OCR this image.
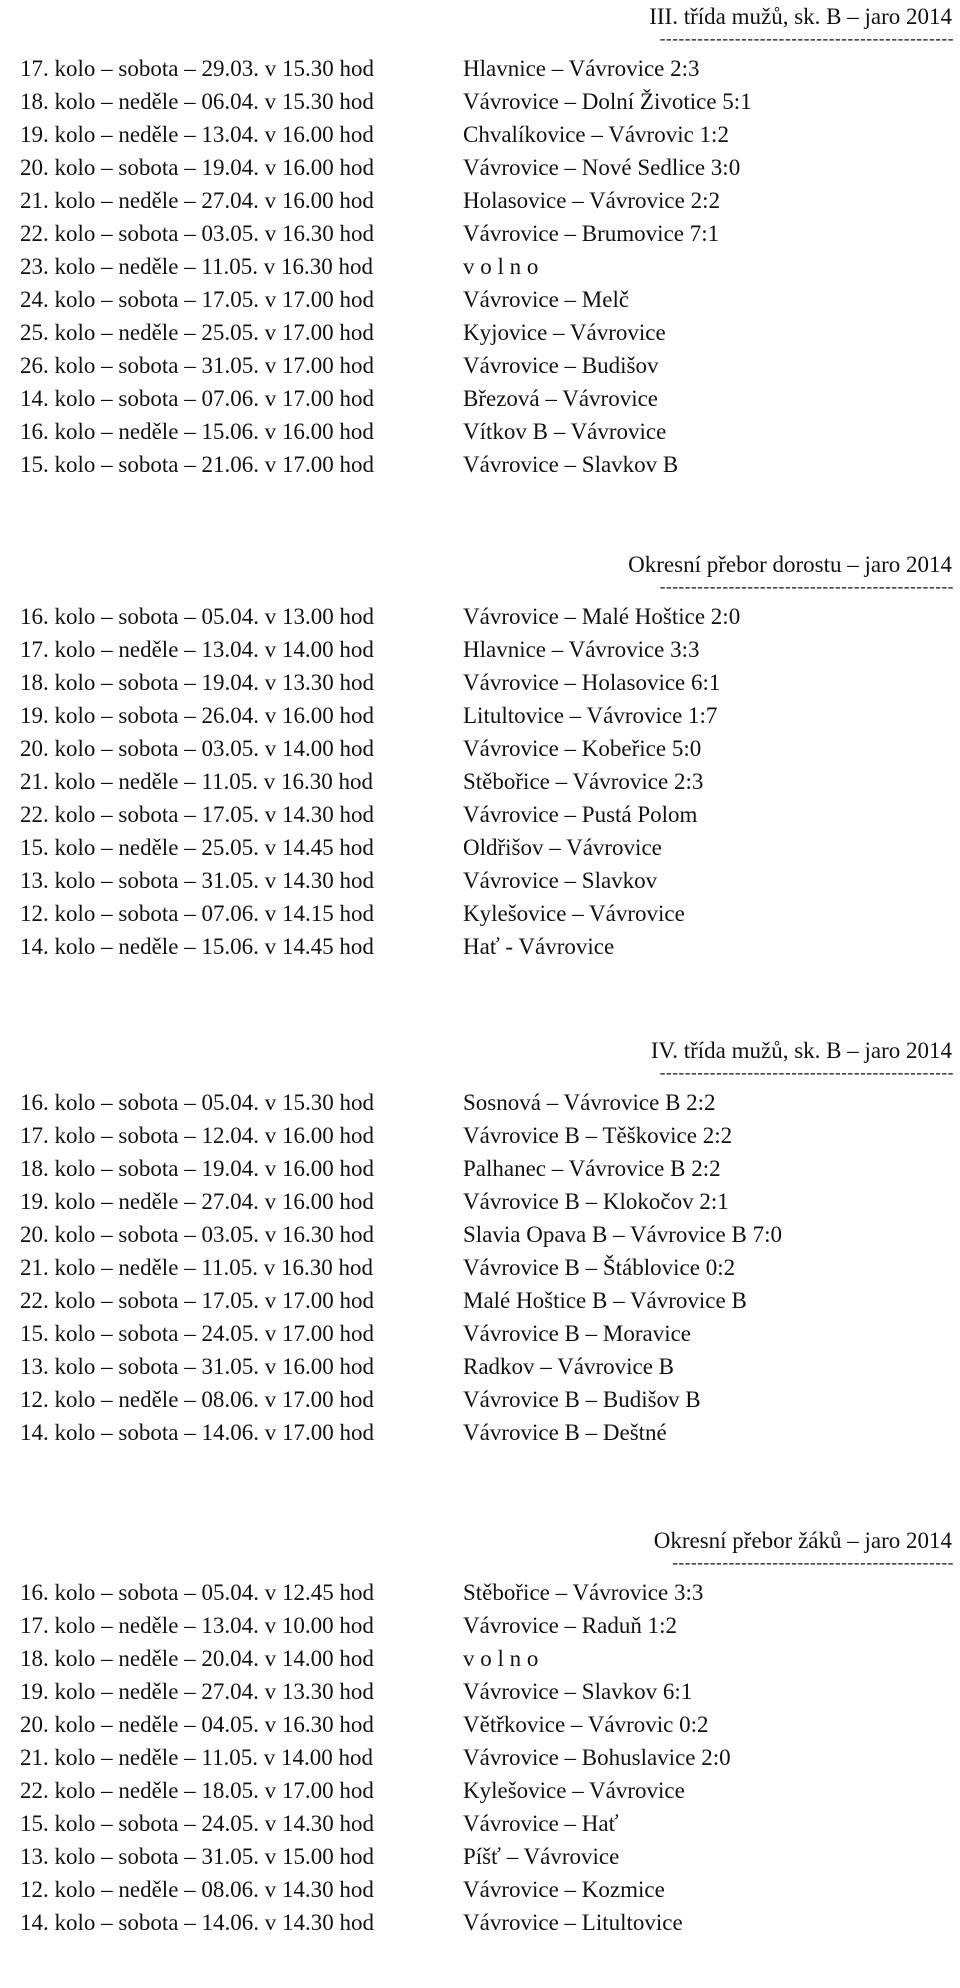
III. třída mužů, sk. B – jaro 2014
-----------------------------------------------
17. kolo – sobota – 29.03. v 15.30 hod	Hlavnice – Vávrovice 2:3
18. kolo – neděle – 06.04. v 15.30 hod	Vávrovice – Dolní Životice 5:1
19. kolo – neděle – 13.04. v 16.00 hod	Chvalíkovice – Vávrovic 1:2
20. kolo – sobota – 19.04. v 16.00 hod	Vávrovice – Nové Sedlice 3:0
21. kolo – neděle – 27.04. v 16.00 hod	Holasovice – Vávrovice 2:2
22. kolo – sobota – 03.05. v 16.30 hod	Vávrovice – Brumovice 7:1
23. kolo – neděle – 11.05. v 16.30 hod	v o l n o
24. kolo – sobota – 17.05. v 17.00 hod	Vávrovice – Melč
25. kolo – neděle – 25.05. v 17.00 hod	Kyjovice – Vávrovice
26. kolo – sobota – 31.05. v 17.00 hod	Vávrovice – Budišov
14. kolo – sobota – 07.06. v 17.00 hod	Březová – Vávrovice
16. kolo – neděle – 15.06. v 16.00 hod	Vítkov B – Vávrovice
15. kolo – sobota – 21.06. v 17.00 hod	Vávrovice – Slavkov B
Okresní přebor dorostu – jaro 2014
-----------------------------------------------
16. kolo – sobota – 05.04. v 13.00 hod	Vávrovice – Malé Hoštice 2:0
17. kolo – neděle – 13.04. v 14.00 hod	Hlavnice – Vávrovice 3:3
18. kolo – sobota – 19.04. v 13.30 hod	Vávrovice – Holasovice 6:1
19. kolo – sobota – 26.04. v 16.00 hod	Litultovice – Vávrovice 1:7
20. kolo – sobota – 03.05. v 14.00 hod	Vávrovice – Kobeřice 5:0
21. kolo – neděle – 11.05. v 16.30 hod	Stěbořice – Vávrovice 2:3
22. kolo – sobota – 17.05. v 14.30 hod	Vávrovice – Pustá Polom
15. kolo – neděle – 25.05. v 14.45 hod	Oldřišov – Vávrovice
13. kolo – sobota – 31.05. v 14.30 hod	Vávrovice – Slavkov
12. kolo – sobota – 07.06. v 14.15 hod	Kylešovice – Vávrovice
14. kolo – neděle – 15.06. v 14.45 hod	Hať - Vávrovice
IV. třída mužů, sk. B – jaro 2014
-----------------------------------------------
16. kolo – sobota – 05.04. v 15.30 hod	Sosnová – Vávrovice B 2:2
17. kolo – sobota – 12.04. v 16.00 hod	Vávrovice B – Těškovice 2:2
18. kolo – sobota – 19.04. v 16.00 hod	Palhanec – Vávrovice B 2:2
19. kolo – neděle – 27.04. v 16.00 hod	Vávrovice B – Klokočov 2:1
20. kolo – sobota – 03.05. v 16.30 hod	Slavia Opava B – Vávrovice B 7:0
21. kolo – neděle – 11.05. v 16.30 hod	Vávrovice B – Štáblovice 0:2
22. kolo – sobota – 17.05. v 17.00 hod	Malé Hoštice B – Vávrovice B
15. kolo – sobota – 24.05. v 17.00 hod	Vávrovice B – Moravice
13. kolo – sobota – 31.05. v 16.00 hod	Radkov – Vávrovice B
12. kolo – neděle – 08.06. v 17.00 hod	Vávrovice B – Budišov B
14. kolo – sobota – 14.06. v 17.00 hod	Vávrovice B – Deštné
Okresní přebor žáků – jaro 2014
---------------------------------------------
16. kolo – sobota – 05.04. v 12.45 hod	Stěbořice – Vávrovice 3:3
17. kolo – neděle – 13.04. v 10.00 hod	Vávrovice – Raduň 1:2
18. kolo – neděle – 20.04. v 14.00 hod	v o l n o
19. kolo – neděle – 27.04. v 13.30 hod	Vávrovice – Slavkov 6:1
20. kolo – neděle – 04.05. v 16.30 hod	Větřkovice – Vávrovic 0:2
21. kolo – neděle – 11.05. v 14.00 hod	Vávrovice – Bohuslavice 2:0
22. kolo – neděle – 18.05. v 17.00 hod	Kylešovice – Vávrovice
15. kolo – sobota – 24.05. v 14.30 hod	Vávrovice – Hať
13. kolo – sobota – 31.05. v 15.00 hod	Píšť – Vávrovice
12. kolo – neděle – 08.06. v 14.30 hod	Vávrovice – Kozmice
14. kolo – sobota – 14.06. v 14.30 hod	Vávrovice – Litultovice
